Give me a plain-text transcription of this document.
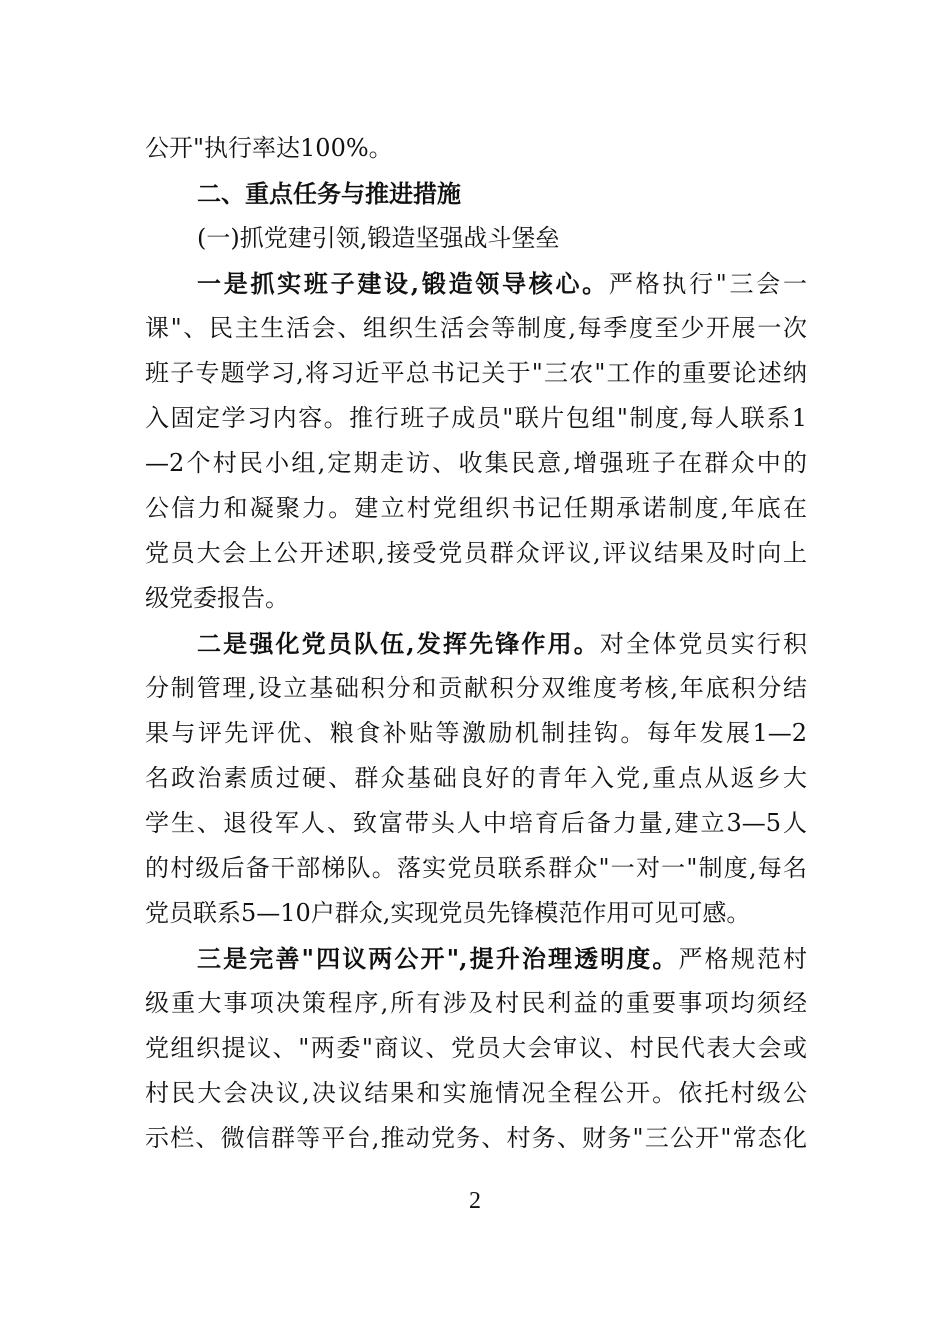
公开"执行率达100%。
二、重点任务与推进措施
(一)抓党建引领,锻造坚强战斗堡垒
一是抓实班子建设,锻造领导核心。严格执行"三会一
课"、民主生活会、组织生活会等制度,每季度至少开展一次
班子专题学习,将习近平总书记关于"三农"工作的重要论述纳
入固定学习内容。推行班子成员"联片包组"制度,每人联系1
—2个村民小组,定期走访、收集民意,增强班子在群众中的
公信力和凝聚力。建立村党组织书记任期承诺制度,年底在
党员大会上公开述职,接受党员群众评议,评议结果及时向上
级党委报告。
二是强化党员队伍,发挥先锋作用。对全体党员实行积
分制管理,设立基础积分和贡献积分双维度考核,年底积分结
果与评先评优、粮食补贴等激励机制挂钩。每年发展1—2
名政治素质过硬、群众基础良好的青年入党,重点从返乡大
学生、退役军人、致富带头人中培育后备力量,建立3—5人
的村级后备干部梯队。落实党员联系群众"一对一"制度,每名
党员联系5—10户群众,实现党员先锋模范作用可见可感。
三是完善"四议两公开",提升治理透明度。严格规范村
级重大事项决策程序,所有涉及村民利益的重要事项均须经
党组织提议、"两委"商议、党员大会审议、村民代表大会或
村民大会决议,决议结果和实施情况全程公开。依托村级公
示栏、微信群等平台,推动党务、村务、财务"三公开"常态化
2
